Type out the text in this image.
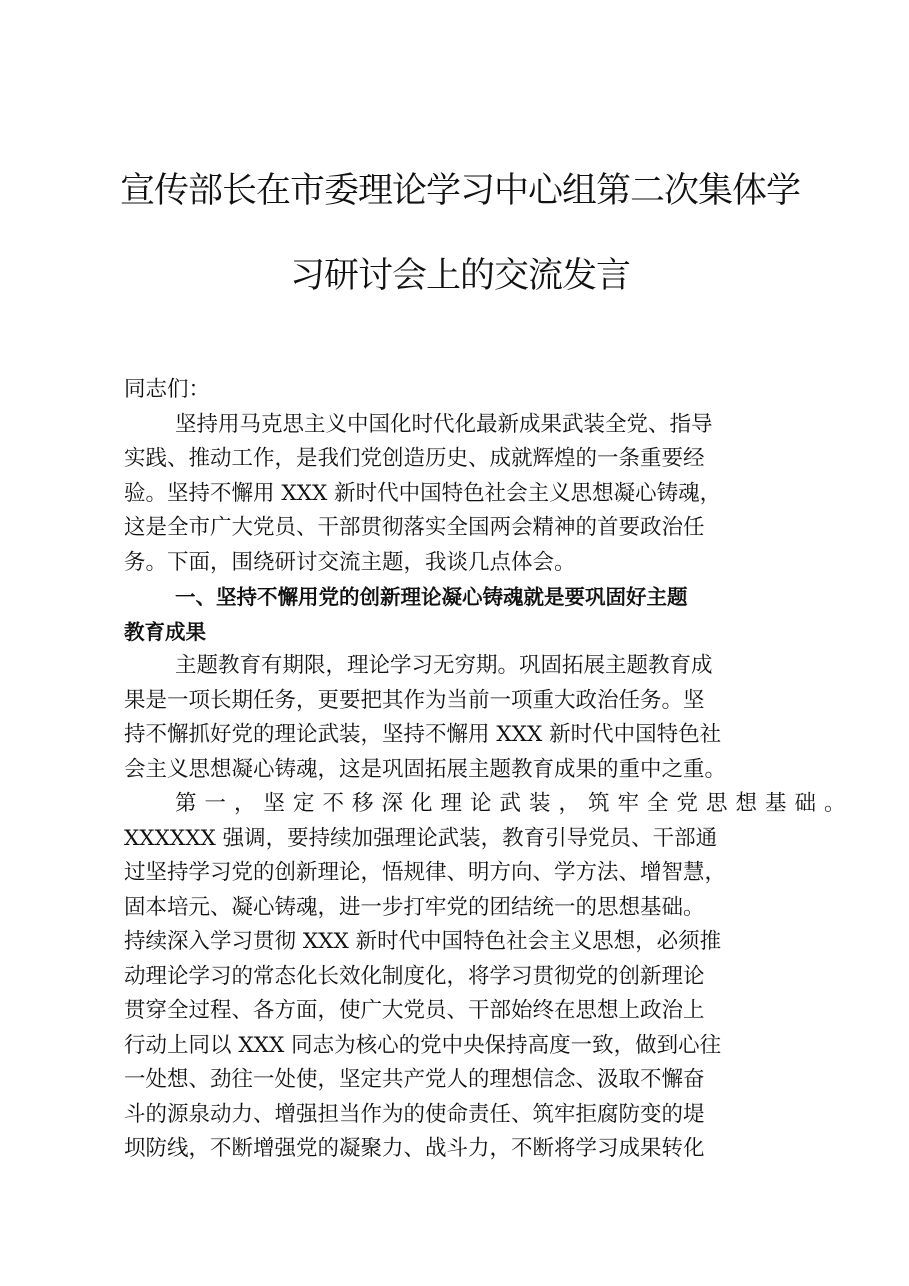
宣传部长在市委理论学习中心组第二次集体学
习研讨会上的交流发言
同志们：
坚持用马克思主义中国化时代化最新成果武装全党、指导
实践、推动工作，是我们党创造历史、成就辉煌的一条重要经
验。坚持不懈用 XXX 新时代中国特色社会主义思想凝心铸魂，
这是全市广大党员、干部贯彻落实全国两会精神的首要政治任
务。下面，围绕研讨交流主题，我谈几点体会。
一、坚持不懈用党的创新理论凝心铸魂就是要巩固好主题
教育成果
主题教育有期限，理论学习无穷期。巩固拓展主题教育成
果是一项长期任务，更要把其作为当前一项重大政治任务。坚
持不懈抓好党的理论武装，坚持不懈用 XXX 新时代中国特色社
会主义思想凝心铸魂，这是巩固拓展主题教育成果的重中之重。
第一，坚定不移深化理论武装，筑牢全党思想基础。
XXXXXX 强调，要持续加强理论武装，教育引导党员、干部通
过坚持学习党的创新理论，悟规律、明方向、学方法、增智慧，
固本培元、凝心铸魂，进一步打牢党的团结统一的思想基础。
持续深入学习贯彻 XXX 新时代中国特色社会主义思想，必须推
动理论学习的常态化长效化制度化，将学习贯彻党的创新理论
贯穿全过程、各方面，使广大党员、干部始终在思想上政治上
行动上同以 XXX 同志为核心的党中央保持高度一致，做到心往
一处想、劲往一处使，坚定共产党人的理想信念、汲取不懈奋
斗的源泉动力、增强担当作为的使命责任、筑牢拒腐防变的堤
坝防线，不断增强党的凝聚力、战斗力，不断将学习成果转化
